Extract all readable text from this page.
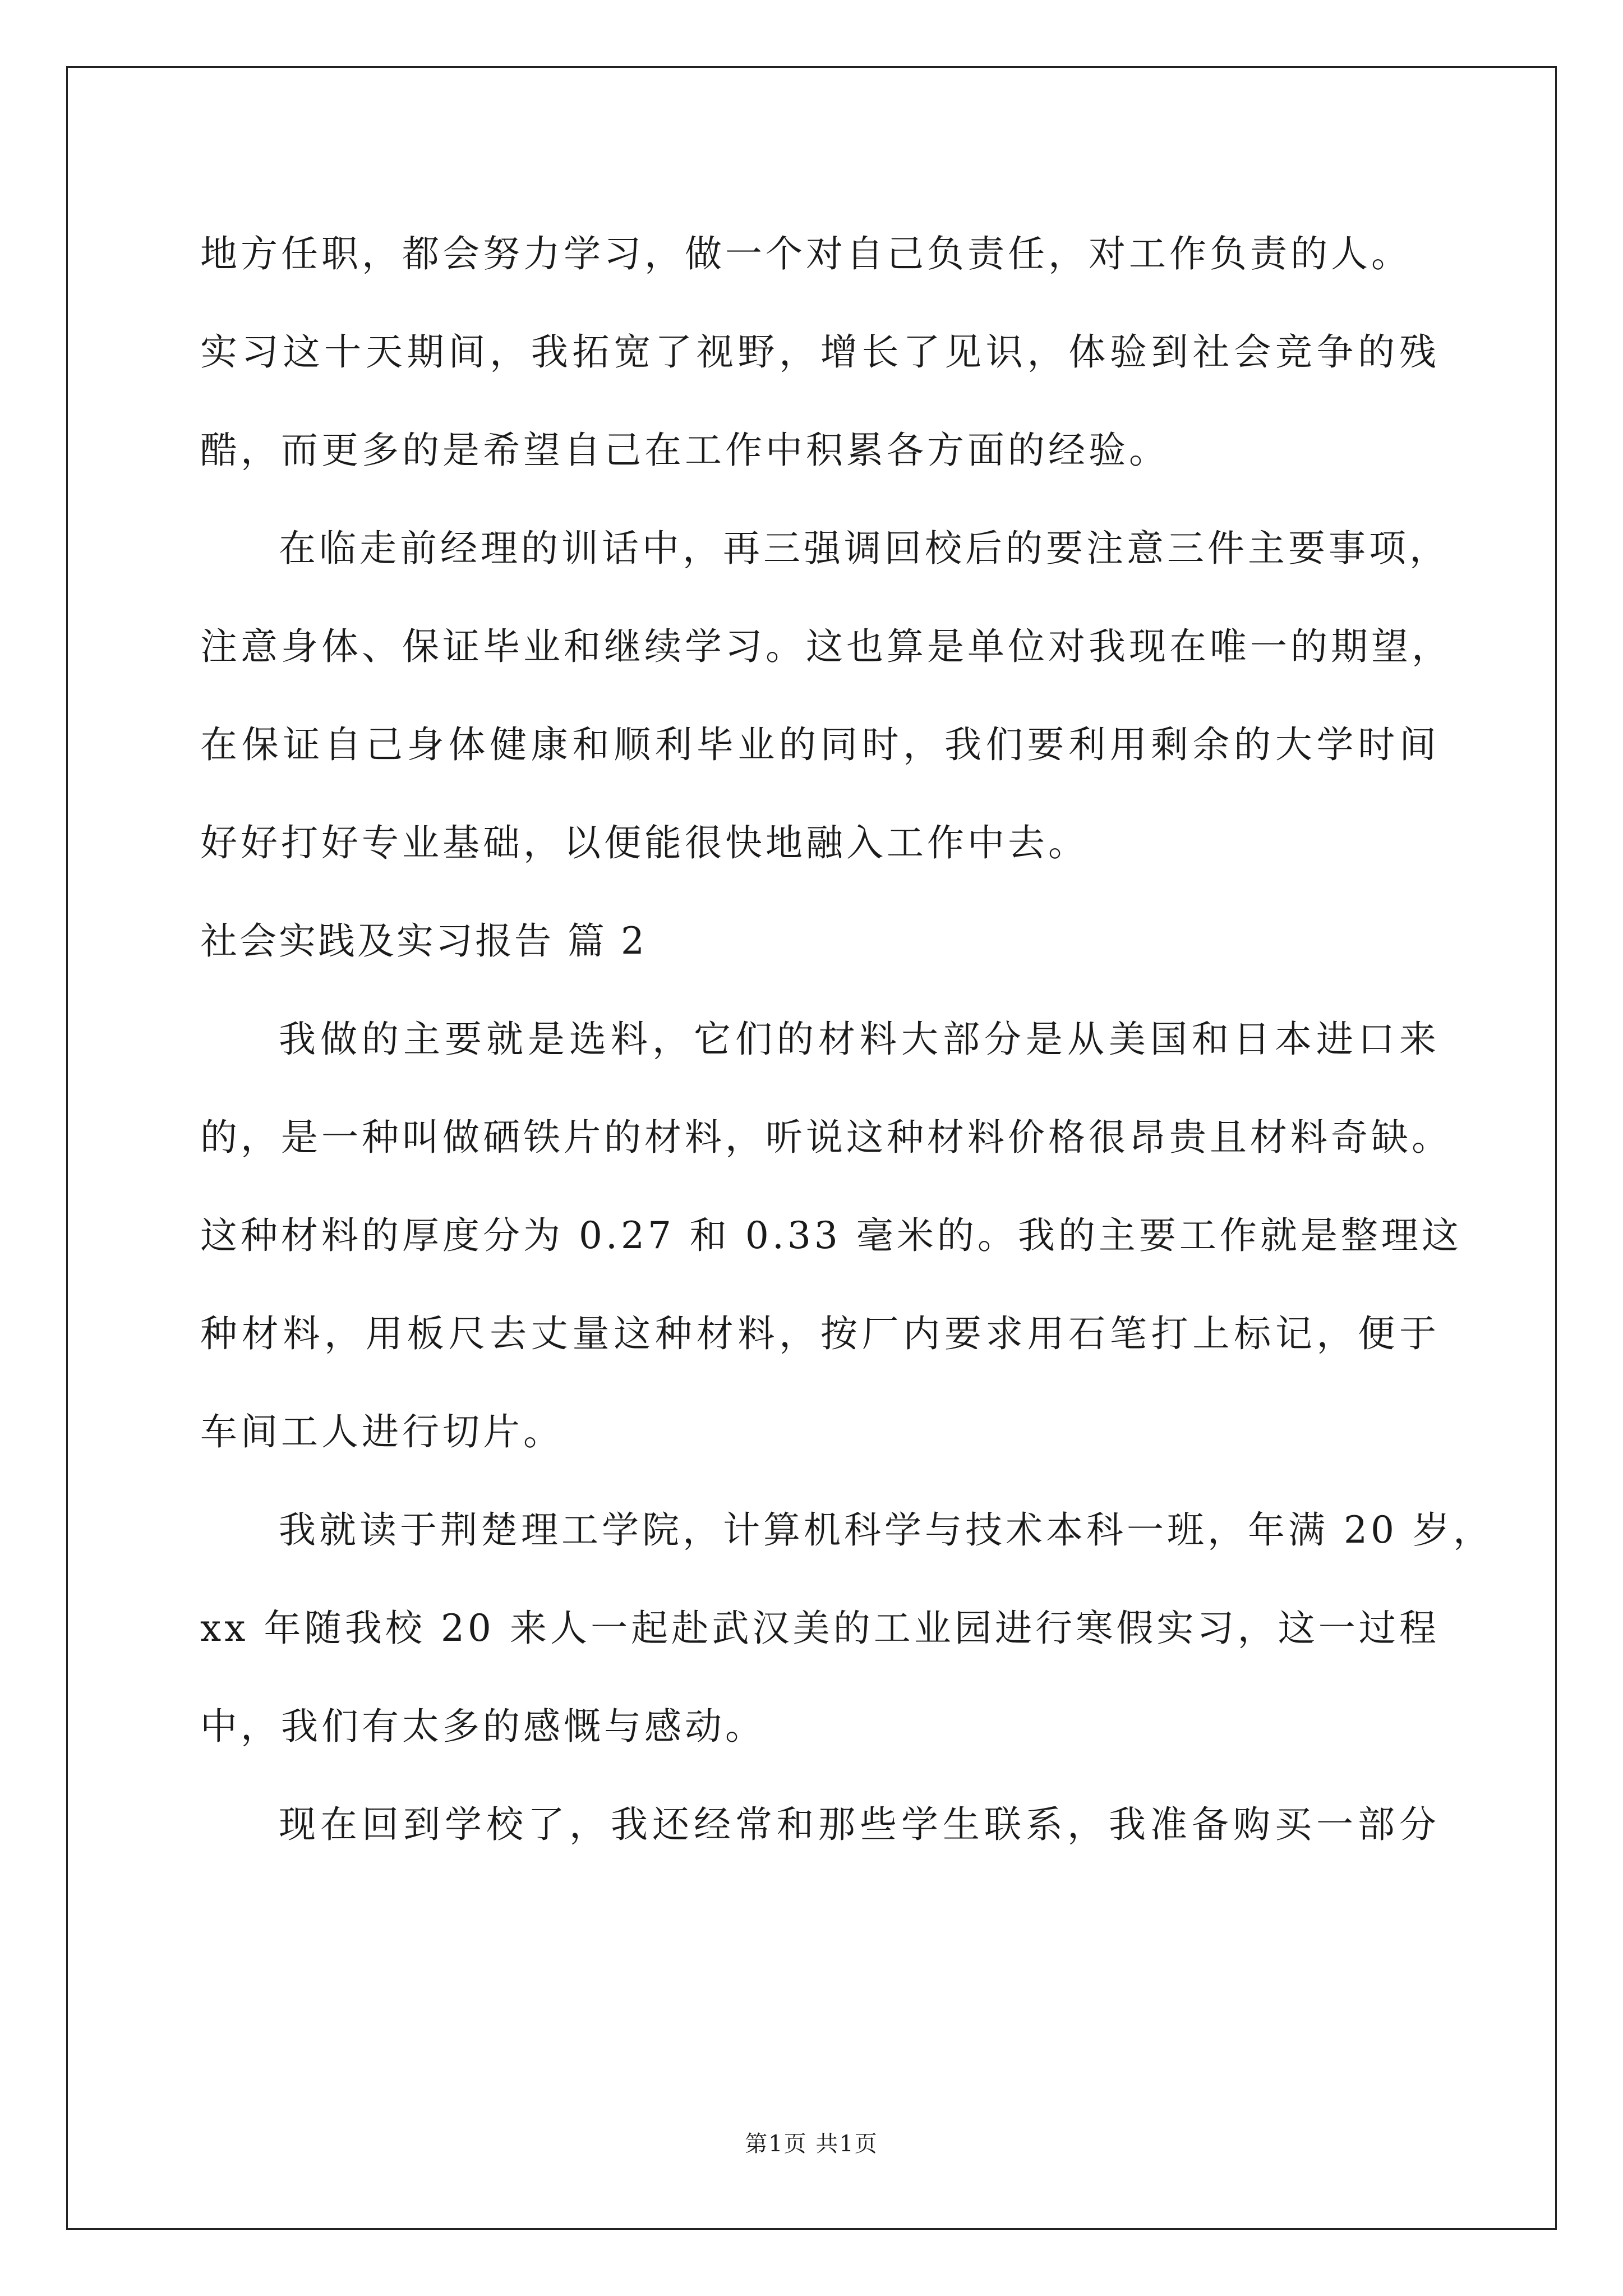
地方任职，都会努力学习，做一个对自己负责任，对工作负责的人。
实习这十天期间，我拓宽了视野，增长了见识，体验到社会竞争的残
酷，而更多的是希望自己在工作中积累各方面的经验。
在临走前经理的训话中，再三强调回校后的要注意三件主要事项，
注意身体、保证毕业和继续学习。这也算是单位对我现在唯一的期望，
在保证自己身体健康和顺利毕业的同时，我们要利用剩余的大学时间
好好打好专业基础，以便能很快地融入工作中去。
社会实践及实习报告 篇 2
我做的主要就是选料，它们的材料大部分是从美国和日本进口来
的，是一种叫做硒铁片的材料，听说这种材料价格很昂贵且材料奇缺。
这种材料的厚度分为 0.27 和 0.33 毫米的。我的主要工作就是整理这
种材料，用板尺去丈量这种材料，按厂内要求用石笔打上标记，便于
车间工人进行切片。
我就读于荆楚理工学院，计算机科学与技术本科一班，年满 20 岁，
xx 年随我校 20 来人一起赴武汉美的工业园进行寒假实习，这一过程
中，我们有太多的感慨与感动。
现在回到学校了，我还经常和那些学生联系，我准备购买一部分
第1页 共1页
